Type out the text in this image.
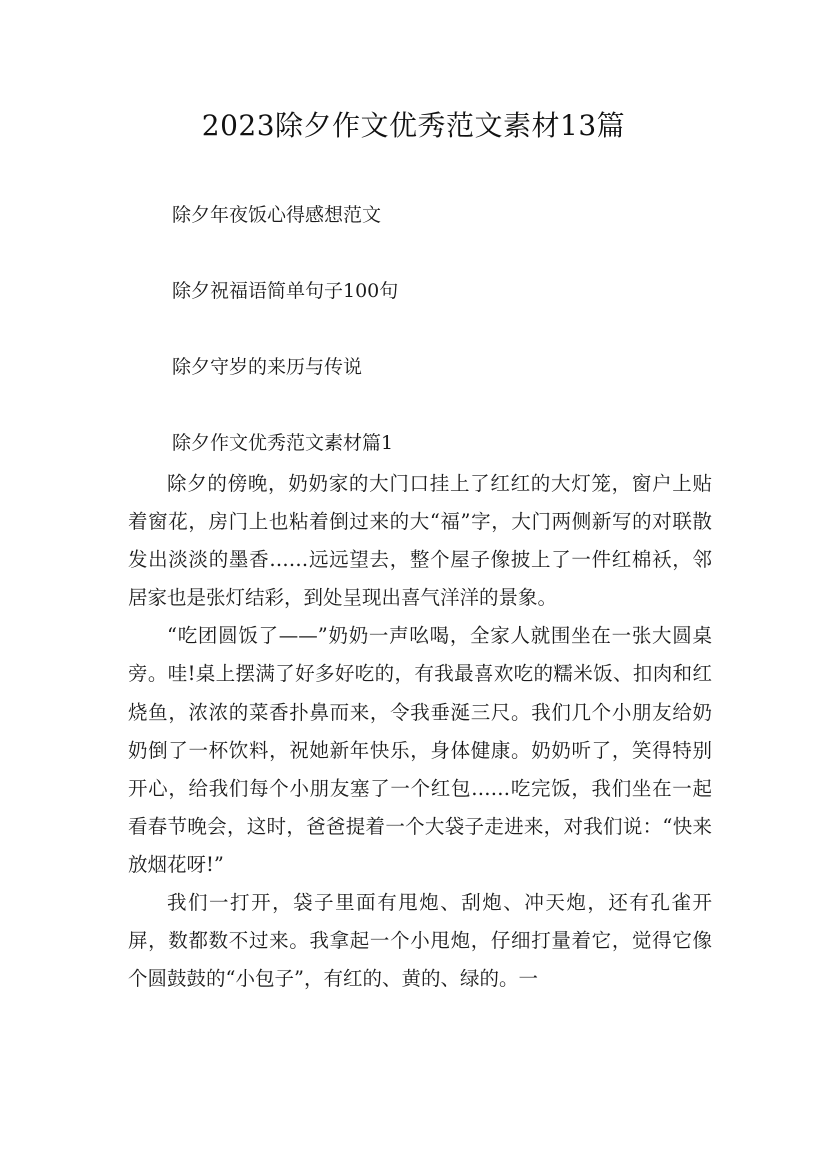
2023除夕作文优秀范文素材13篇
除夕年夜饭心得感想范文
除夕祝福语简单句子100句
除夕守岁的来历与传说
除夕作文优秀范文素材篇1

除夕的傍晚，奶奶家的大门口挂上了红红的大灯笼，窗户上贴着窗花，房门上也粘着倒过来的大“福”字，大门两侧新写的对联散发出淡淡的墨香……远远望去，整个屋子像披上了一件红棉袄，邻居家也是张灯结彩，到处呈现出喜气洋洋的景象。

“吃团圆饭了——”奶奶一声吆喝，全家人就围坐在一张大圆桌旁。哇!桌上摆满了好多好吃的，有我最喜欢吃的糯米饭、扣肉和红烧鱼，浓浓的菜香扑鼻而来，令我垂涎三尺。我们几个小朋友给奶奶倒了一杯饮料，祝她新年快乐，身体健康。奶奶听了，笑得特别开心，给我们每个小朋友塞了一个红包……吃完饭，我们坐在一起看春节晚会，这时，爸爸提着一个大袋子走进来，对我们说：“快来放烟花呀!”

我们一打开，袋子里面有甩炮、刮炮、冲天炮，还有孔雀开屏，数都数不过来。我拿起一个小甩炮，仔细打量着它，觉得它像个圆鼓鼓的“小包子”，有红的、黄的、绿的。一
